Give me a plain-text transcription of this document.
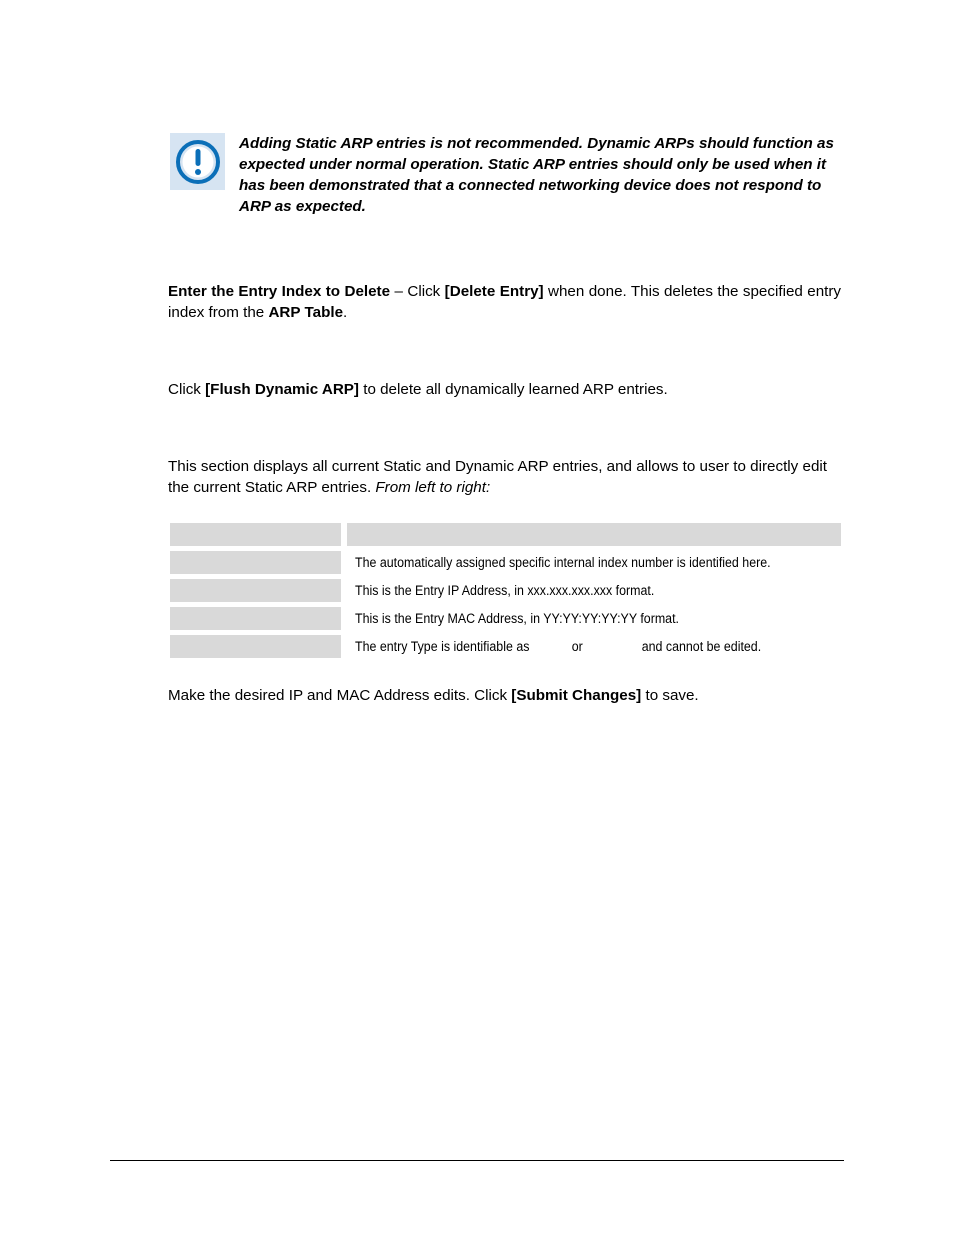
Adding Static ARP entries is not recommended. Dynamic ARPs should function as expected under normal operation. Static ARP entries should only be used when it has been demonstrated that a connected networking device does not respond to ARP as expected.
Enter the Entry Index to Delete – Click [Delete Entry] when done. This deletes the specified entry index from the ARP Table.
Click [Flush Dynamic ARP] to delete all dynamically learned ARP entries.
This section displays all current Static and Dynamic ARP entries, and allows to user to directly edit the current Static ARP entries. From left to right:
The automatically assigned specific internal index number is identified here.
This is the Entry IP Address, in xxx.xxx.xxx.xxx format.
This is the Entry MAC Address, in YY:YY:YY:YY:YY format.
The entry Type is identifiable as	or	and cannot be edited.
Make the desired IP and MAC Address edits. Click [Submit Changes] to save.
